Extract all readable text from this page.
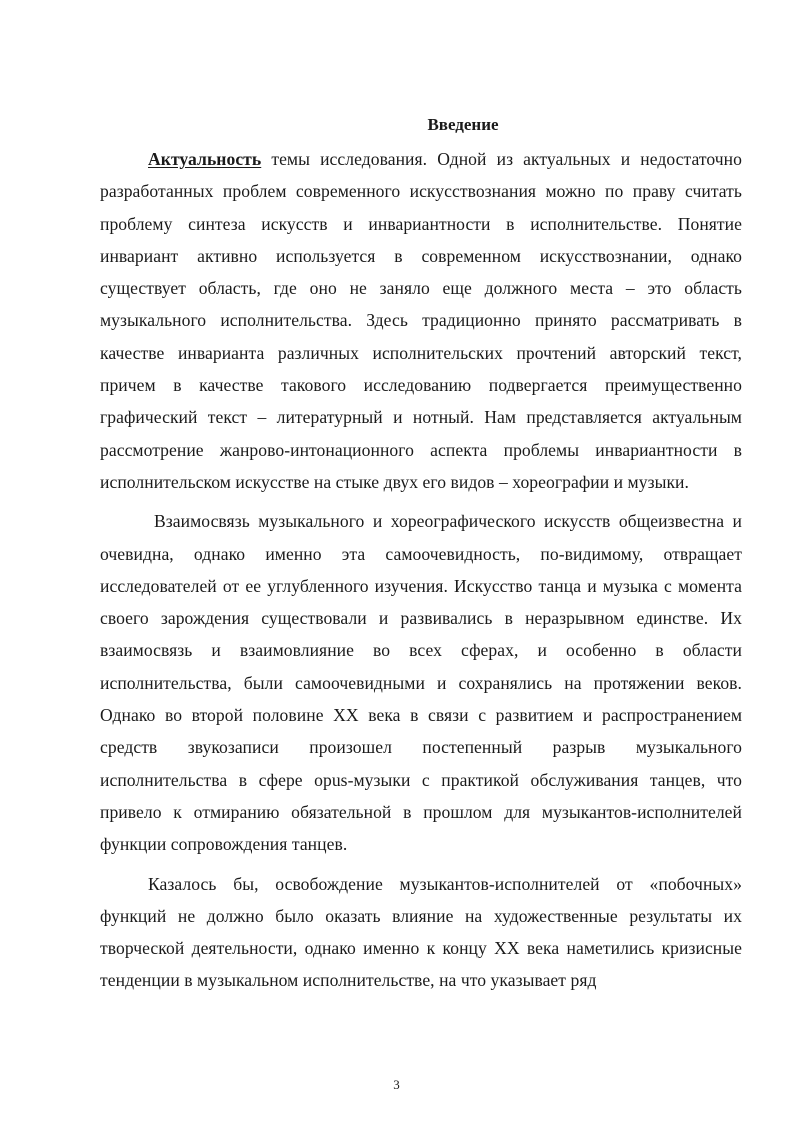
Введение

Актуальность темы исследования. Одной из актуальных и недостаточно разработанных проблем современного искусствознания можно по праву считать проблему синтеза искусств и инвариантности в исполнительстве. Понятие инвариант активно используется в современном искусствознании, однако существует область, где оно не заняло еще должного места – это область музыкального исполнительства. Здесь традиционно принято рассматривать в качестве инварианта различных исполнительских прочтений авторский текст, причем в качестве такового исследованию подвергается преимущественно графический текст – литературный и нотный. Нам представляется актуальным рассмотрение жанрово-интонационного аспекта проблемы инвариантности в исполнительском искусстве на стыке двух его видов – хореографии и музыки.

Взаимосвязь музыкального и хореографического искусств общеизвестна и очевидна, однако именно эта самоочевидность, по-видимому, отвращает исследователей от ее углубленного изучения. Искусство танца и музыка с момента своего зарождения существовали и развивались в неразрывном единстве. Их взаимосвязь и взаимовлияние во всех сферах, и особенно в области исполнительства, были самоочевидными и сохранялись на протяжении веков. Однако во второй половине XX века в связи с развитием и распространением средств звукозаписи произошел постепенный разрыв музыкального исполнительства в сфере opus-музыки с практикой обслуживания танцев, что привело к отмиранию обязательной в прошлом для музыкантов-исполнителей функции сопровождения танцев.

Казалось бы, освобождение музыкантов-исполнителей от «побочных» функций не должно было оказать влияние на художественные результаты их творческой деятельности, однако именно к концу XX века наметились кризисные тенденции в музыкальном исполнительстве, на что указывает ряд

3
